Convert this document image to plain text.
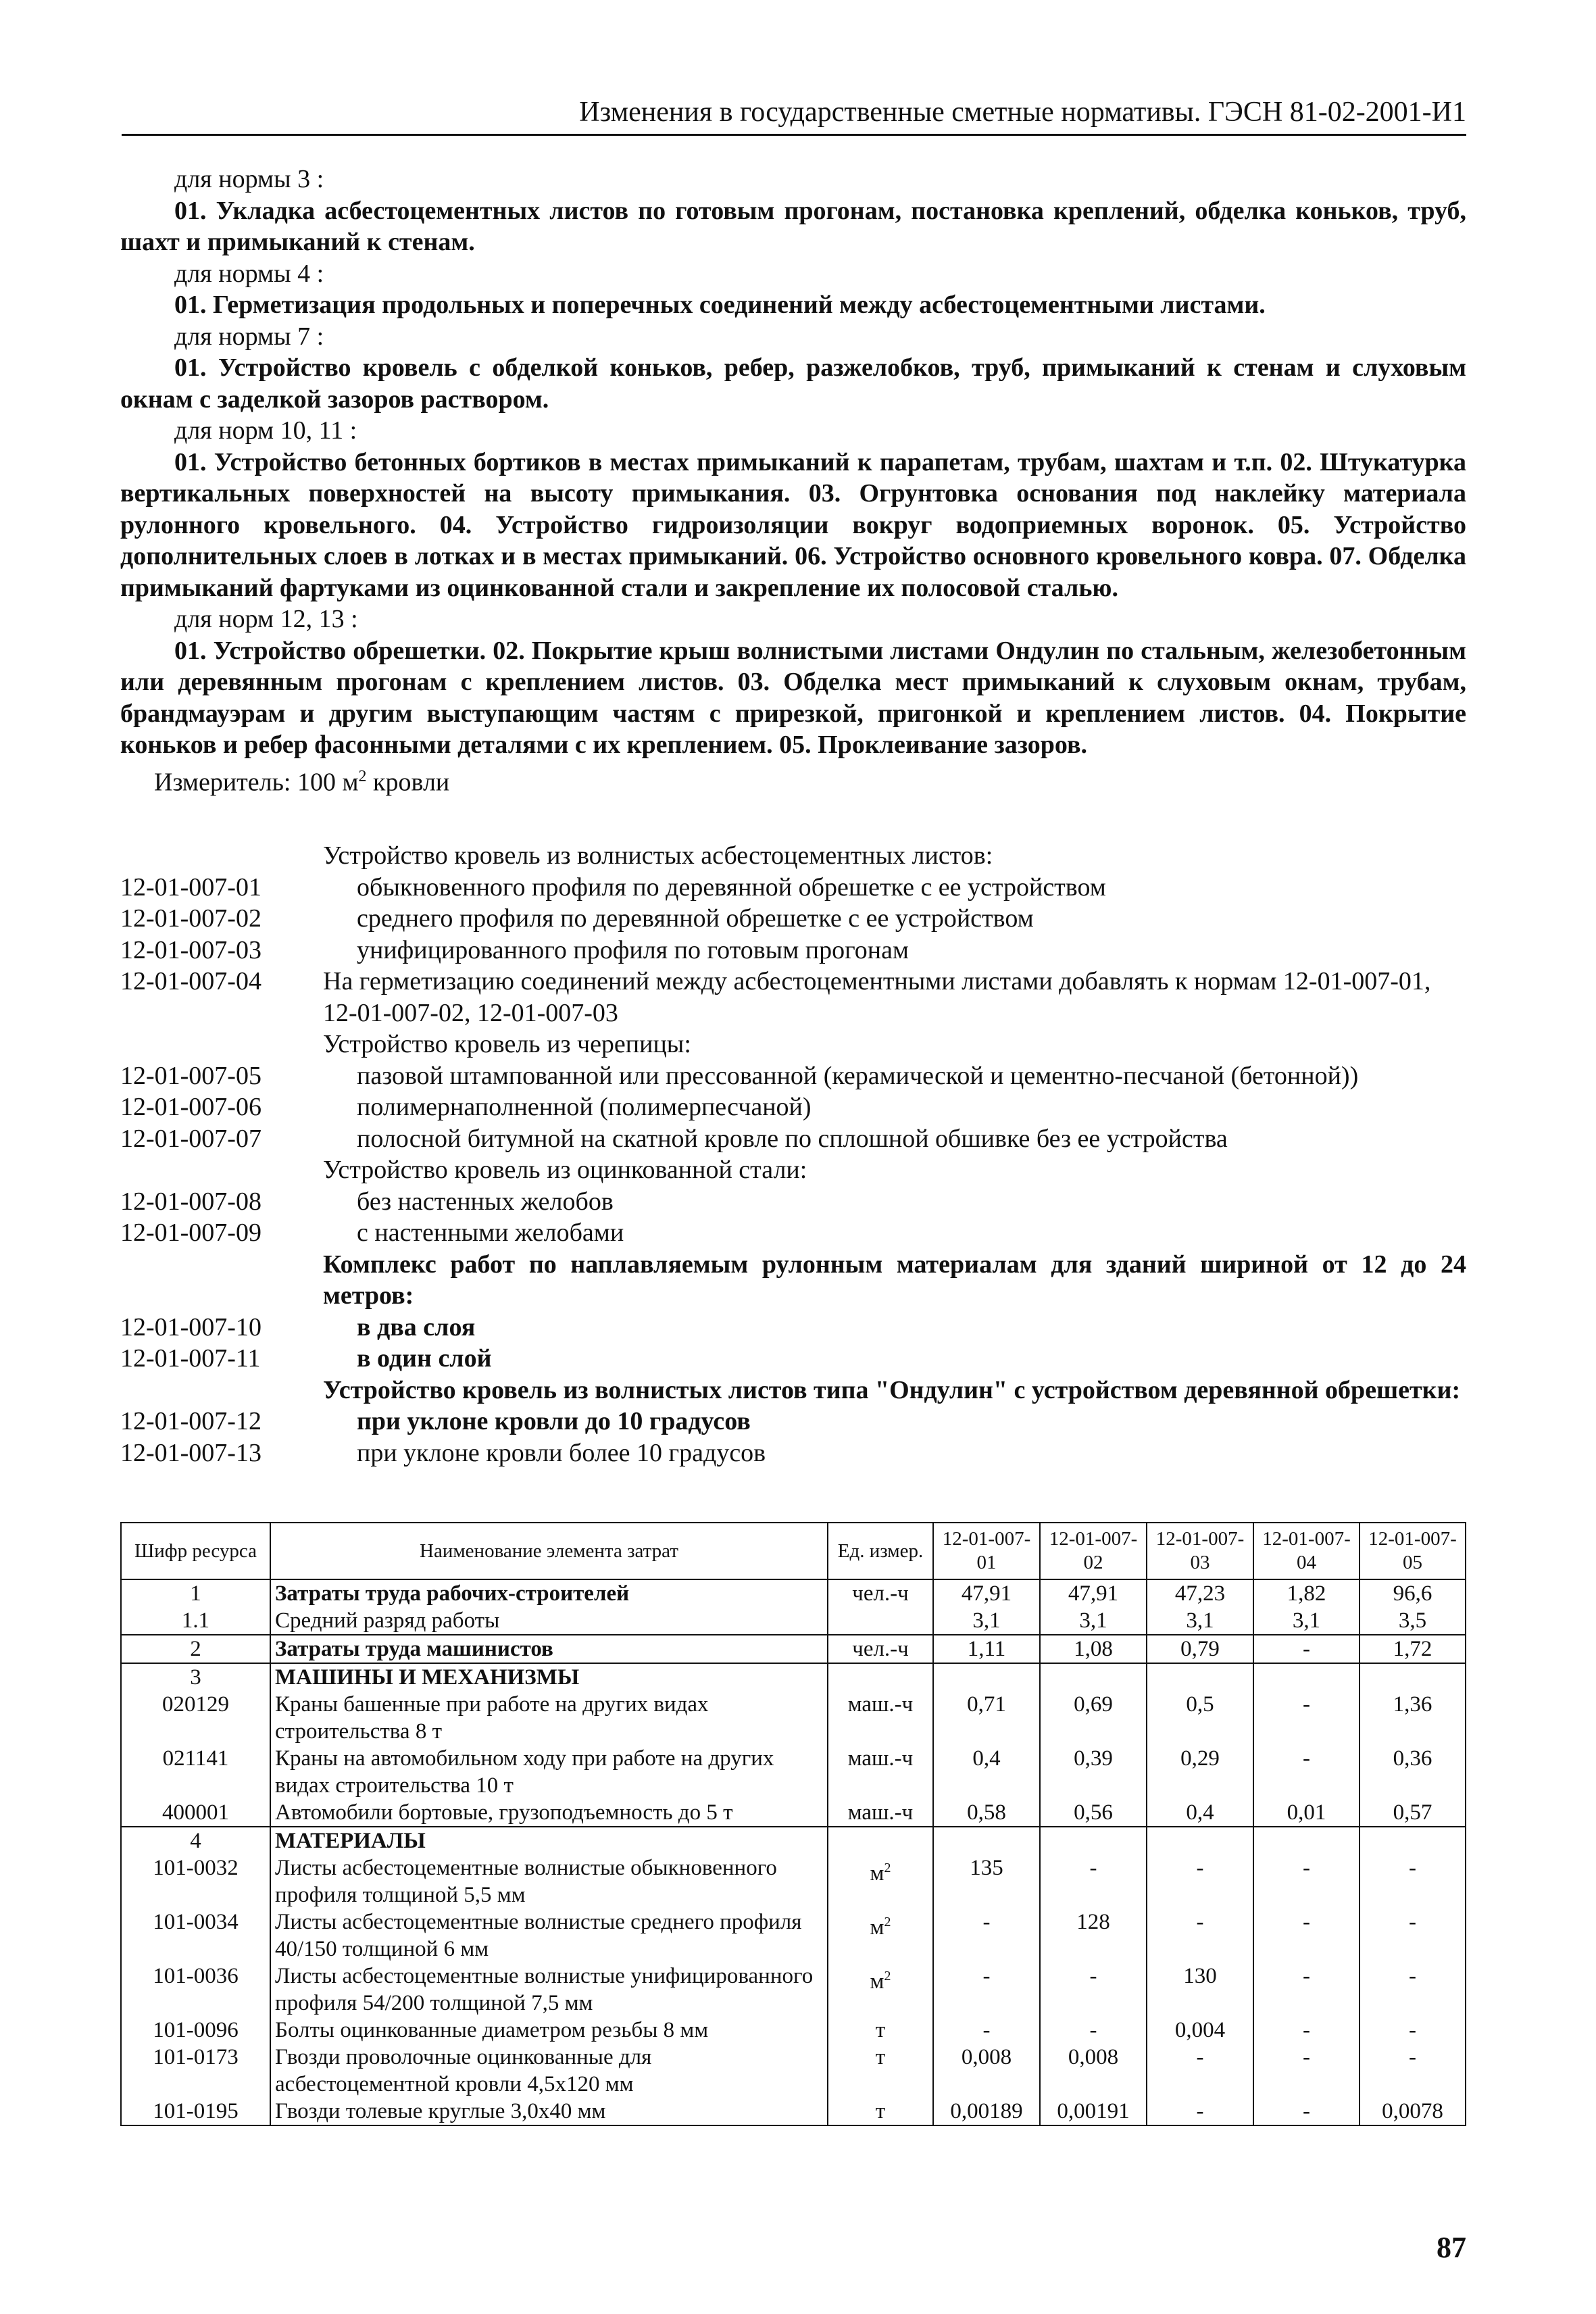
Изменения в государственные сметные нормативы. ГЭСН 81-02-2001-И1
для нормы 3 :
01. Укладка асбестоцементных листов по готовым прогонам, постановка креплений, обделка коньков, труб, шахт и примыканий к стенам.
для нормы 4 :
01. Герметизация продольных и поперечных соединений между асбестоцементными листами.
для нормы 7 :
01. Устройство кровель с обделкой коньков, ребер, разжелобков, труб, примыканий к стенам и слуховым окнам с заделкой зазоров раствором.
для норм 10, 11 :
01. Устройство бетонных бортиков в местах примыканий к парапетам, трубам, шахтам и т.п. 02. Штукатурка вертикальных поверхностей на высоту примыкания. 03. Огрунтовка основания под наклейку материала рулонного кровельного. 04. Устройство гидроизоляции вокруг водоприемных воронок. 05. Устройство дополнительных слоев в лотках и в местах примыканий. 06. Устройство основного кровельного ковра. 07. Обделка примыканий фартуками из оцинкованной стали и закрепление их полосовой сталью.
для норм 12, 13 :
01. Устройство обрешетки. 02. Покрытие крыш волнистыми листами Ондулин по стальным, железобетонным или деревянным прогонам с креплением листов. 03. Обделка мест примыканий к слуховым окнам, трубам, брандмауэрам и другим выступающим частям с прирезкой, пригонкой и креплением листов. 04. Покрытие коньков и ребер фасонными деталями с их креплением. 05. Проклеивание зазоров.
Измеритель: 100 $м^2$ кровли
Устройство кровель из волнистых асбестоцементных листов:
12-01-007-01	обыкновенного профиля по деревянной обрешетке с ее устройством
12-01-007-02	среднего профиля по деревянной обрешетке с ее устройством
12-01-007-03	унифицированного профиля по готовым прогонам
12-01-007-04	На герметизацию соединений между асбестоцементными листами добавлять к нормам 12-01-007-01, 12-01-007-02, 12-01-007-03
Устройство кровель из черепицы:
12-01-007-05	пазовой штампованной или прессованной (керамической и цементно-песчаной (бетонной))
12-01-007-06	полимернаполненной (полимерпесчаной)
12-01-007-07	полосной битумной на скатной кровле по сплошной обшивке без ее устройства
Устройство кровель из оцинкованной стали:
12-01-007-08	без настенных желобов
12-01-007-09	с настенными желобами
Комплекс работ по наплавляемым рулонным материалам для зданий шириной от 12 до 24 метров:
12-01-007-10	в два слоя
12-01-007-11	в один слой
Устройство кровель из волнистых листов типа "Ондулин" с устройством деревянной обрешетки:
12-01-007-12	при уклоне кровли до 10 градусов
12-01-007-13	при уклоне кровли более 10 градусов
Шифр ресурса	Наименование элемента затрат	Ед. измер.	12-01-007-01	12-01-007-02	12-01-007-03	12-01-007-04	12-01-007-05
1	Затраты труда рабочих-строителей	чел.-ч	47,91	47,91	47,23	1,82	96,6
1.1	Средний разряд работы		3,1	3,1	3,1	3,1	3,5
2	Затраты труда машинистов	чел.-ч	1,11	1,08	0,79	-	1,72
3	МАШИНЫ И МЕХАНИЗМЫ						
020129	Краны башенные при работе на других видах строительства 8 т	маш.-ч	0,71	0,69	0,5	-	1,36
021141	Краны на автомобильном ходу при работе на других видах строительства 10 т	маш.-ч	0,4	0,39	0,29	-	0,36
400001	Автомобили бортовые, грузоподъемность до 5 т	маш.-ч	0,58	0,56	0,4	0,01	0,57
4	МАТЕРИАЛЫ						
101-0032	Листы асбестоцементные волнистые обыкновенного профиля толщиной 5,5 мм	$м^2$	135	-	-	-	-
101-0034	Листы асбестоцементные волнистые среднего профиля 40/150 толщиной 6 мм	$м^2$	-	128	-	-	-
101-0036	Листы асбестоцементные волнистые унифицированного профиля 54/200 толщиной 7,5 мм	$м^2$	-	-	130	-	-
101-0096	Болты оцинкованные диаметром резьбы 8 мм	т	-	-	0,004	-	-
101-0173	Гвозди проволочные оцинкованные для асбестоцементной кровли 4,5х120 мм	т	0,008	0,008	-	-	-
101-0195	Гвозди толевые круглые 3,0х40 мм	т	0,00189	0,00191	-	-	0,0078
87
